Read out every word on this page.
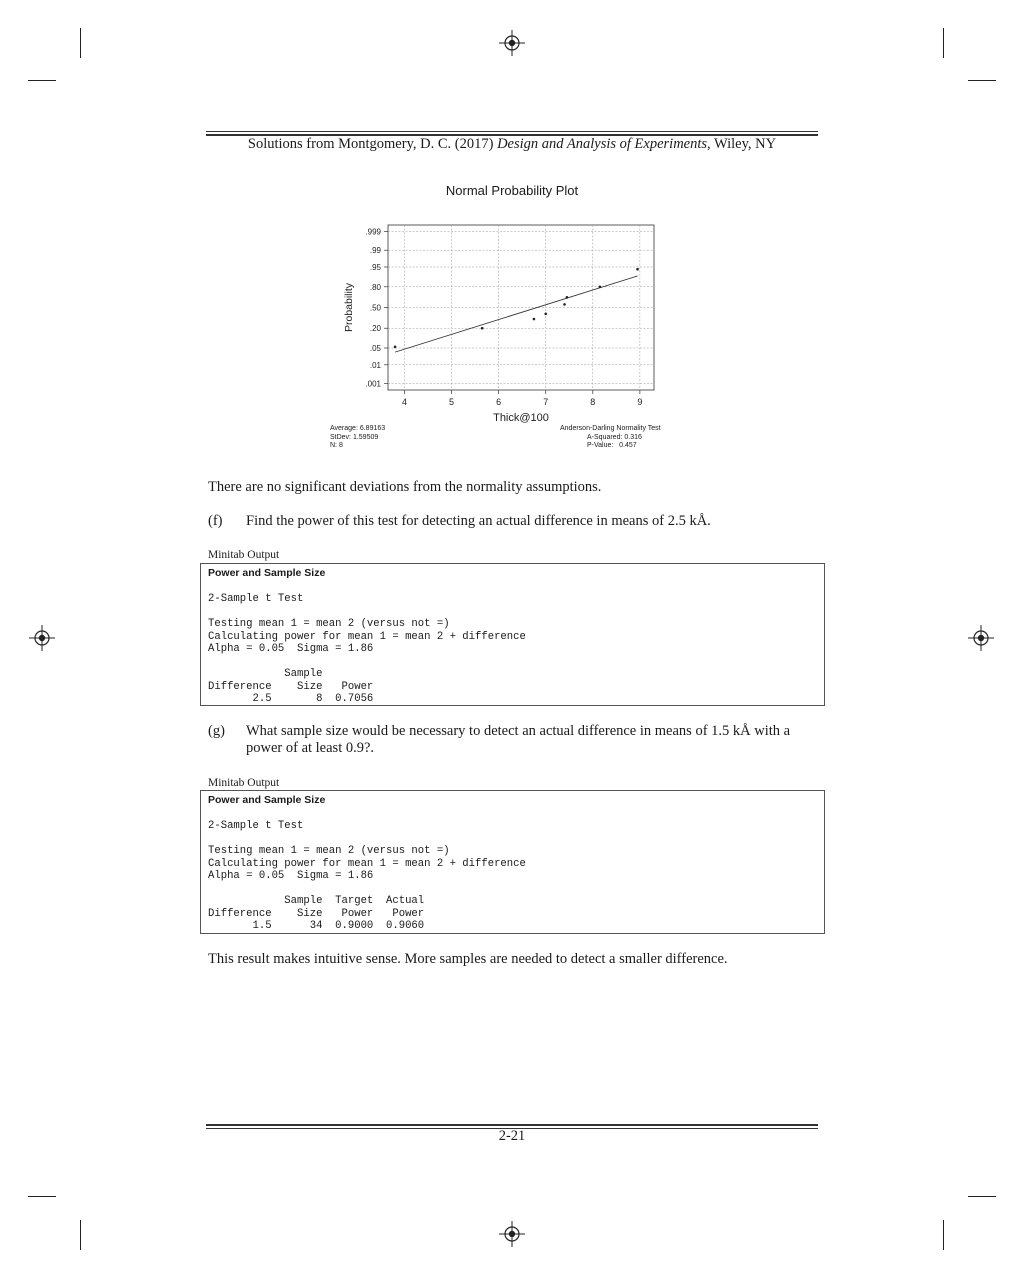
Solutions from Montgomery, D. C. (2017) Design and Analysis of Experiments, Wiley, NY
Normal Probability Plot
4	5	6	7	8	9
.999
.99
.95
.80
.50
.20
.05
.01
.001
Thick@100
Probability
Average: 6.89163
StDev: 1.59509
N: 8
Anderson-Darling Normality Test
A-Squared: 0.316
P-Value:   0.457
There are no significant deviations from the normality assumptions.
(f) Find the power of this test for detecting an actual difference in means of 2.5 kÅ.
Minitab Output
Power and Sample Size
2-Sample t Test

Testing mean 1 = mean 2 (versus not =)
Calculating power for mean 1 = mean 2 + difference
Alpha = 0.05  Sigma = 1.86

Sample
Difference    Size   Power
2.5       8  0.7056

(g) What sample size would be necessary to detect an actual difference in means of 1.5 kÅ with a power of at least 0.9?.
Minitab Output
Power and Sample Size
2-Sample t Test

Testing mean 1 = mean 2 (versus not =)
Calculating power for mean 1 = mean 2 + difference
Alpha = 0.05  Sigma = 1.86

Sample  Target  Actual
Difference    Size   Power   Power
1.5      34  0.9000  0.9060

This result makes intuitive sense. More samples are needed to detect a smaller difference.
2-21
